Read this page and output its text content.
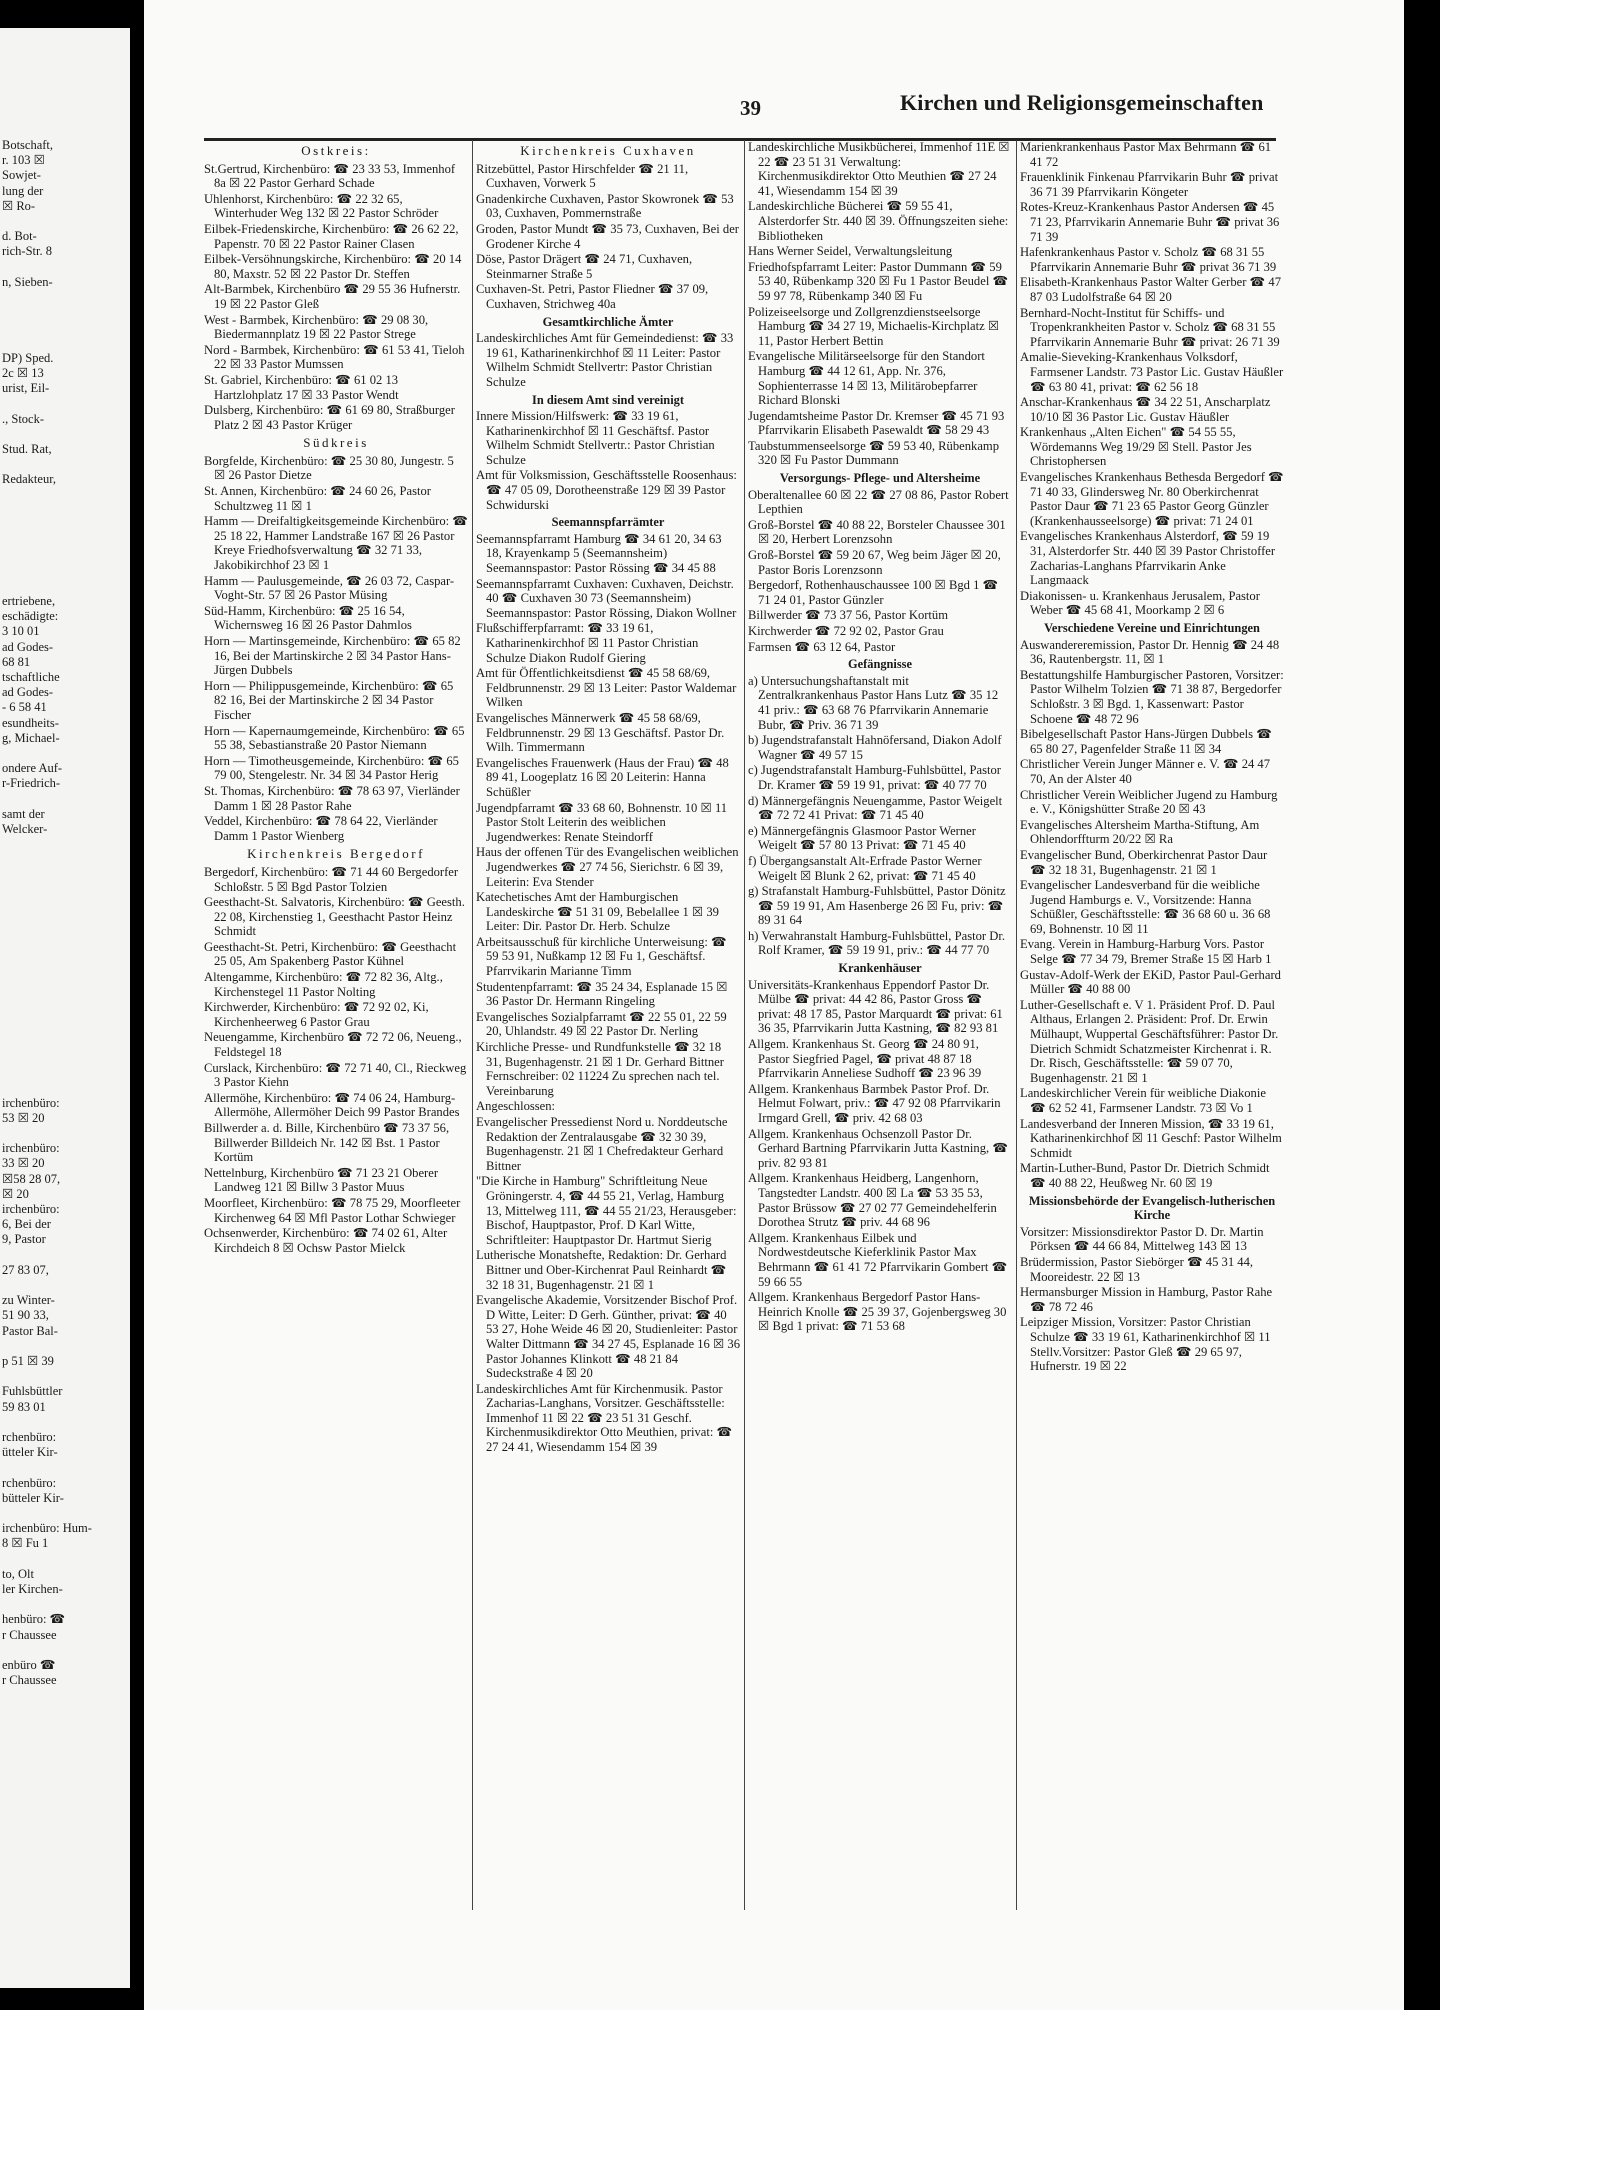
Botschaft,
r. 103 ☒
Sowjet-
lung der
☒ Ro-
d. Bot-
rich-Str. 8
n, Sieben-
DP) Sped.
2c ☒ 13
urist, Eil-
., Stock-
Stud. Rat,
Redakteur,
ertriebene,
eschädigte:
3 10 01
ad Godes-
68 81
tschaftliche
ad Godes-
- 6 58 41
esundheits-
g, Michael-
ondere Auf-
r-Friedrich-
samt der
Welcker-
irchenbüro:
53 ☒ 20
irchenbüro:
33 ☒ 20
☒58 28 07,
☒ 20
irchenbüro:
6, Bei der
9, Pastor
27 83 07,
zu Winter-
51 90 33,
Pastor Bal-
p 51 ☒ 39
Fuhlsbüttler
59 83 01
rchenbüro:
ütteler Kir-
rchenbüro:
bütteler Kir-
irchenbüro: Hum-
8 ☒ Fu 1
to, Olt
ler Kirchen-
henbüro: ☎
r Chaussee
enbüro ☎
r Chaussee
39	Kirchen und Religionsgemeinschaften
Ostkreis:
St.Gertrud, Kirchenbüro: ☎ 23 33 53, Immenhof 8a ☒ 22 Pastor Gerhard Schade
Uhlenhorst, Kirchenbüro: ☎ 22 32 65, Winterhuder Weg 132 ☒ 22 Pastor Schröder
Eilbek-Friedenskirche, Kirchenbüro: ☎ 26 62 22, Papenstr. 70 ☒ 22 Pastor Rainer Clasen
Eilbek-Versöhnungskirche, Kirchenbüro: ☎ 20 14 80, Maxstr. 52 ☒ 22 Pastor Dr. Steffen
Alt-Barmbek, Kirchenbüro ☎ 29 55 36 Hufnerstr. 19 ☒ 22 Pastor Gleß
West - Barmbek, Kirchenbüro: ☎ 29 08 30, Biedermannplatz 19 ☒ 22 Pastor Strege
Nord - Barmbek, Kirchenbüro: ☎ 61 53 41, Tieloh 22 ☒ 33 Pastor Mumssen
St. Gabriel, Kirchenbüro: ☎ 61 02 13 Hartzlohplatz 17 ☒ 33 Pastor Wendt
Dulsberg, Kirchenbüro: ☎ 61 69 80, Straßburger Platz 2 ☒ 43 Pastor Krüger
Südkreis
Borgfelde, Kirchenbüro: ☎ 25 30 80, Jungestr. 5 ☒ 26 Pastor Dietze
St. Annen, Kirchenbüro: ☎ 24 60 26, Pastor Schultzweg 11 ☒ 1
Hamm — Dreifaltigkeitsgemeinde Kirchenbüro: ☎ 25 18 22, Hammer Landstraße 167 ☒ 26 Pastor Kreye Friedhofsverwaltung ☎ 32 71 33, Jakobikirchhof 23 ☒ 1
Hamm — Paulusgemeinde, ☎ 26 03 72, Caspar-Voght-Str. 57 ☒ 26 Pastor Müsing
Süd-Hamm, Kirchenbüro: ☎ 25 16 54, Wichernsweg 16 ☒ 26 Pastor Dahmlos
Horn — Martinsgemeinde, Kirchenbüro: ☎ 65 82 16, Bei der Martinskirche 2 ☒ 34 Pastor Hans-Jürgen Dubbels
Horn — Philippusgemeinde, Kirchenbüro: ☎ 65 82 16, Bei der Martinskirche 2 ☒ 34 Pastor Fischer
Horn — Kapernaumgemeinde, Kirchenbüro: ☎ 65 55 38, Sebastianstraße 20 Pastor Niemann
Horn — Timotheusgemeinde, Kirchenbüro: ☎ 65 79 00, Stengelestr. Nr. 34 ☒ 34 Pastor Herig
St. Thomas, Kirchenbüro: ☎ 78 63 97, Vierländer Damm 1 ☒ 28 Pastor Rahe
Veddel, Kirchenbüro: ☎ 78 64 22, Vierländer Damm 1 Pastor Wienberg
Kirchenkreis Bergedorf
Bergedorf, Kirchenbüro: ☎ 71 44 60 Bergedorfer Schloßstr. 5 ☒ Bgd Pastor Tolzien
Geesthacht-St. Salvatoris, Kirchenbüro: ☎ Geesth. 22 08, Kirchenstieg 1, Geesthacht Pastor Heinz Schmidt
Geesthacht-St. Petri, Kirchenbüro: ☎ Geesthacht 25 05, Am Spakenberg Pastor Kühnel
Altengamme, Kirchenbüro: ☎ 72 82 36, Altg., Kirchenstegel 11 Pastor Nolting
Kirchwerder, Kirchenbüro: ☎ 72 92 02, Ki, Kirchenheerweg 6 Pastor Grau
Neuengamme, Kirchenbüro ☎ 72 72 06, Neueng., Feldstegel 18
Curslack, Kirchenbüro: ☎ 72 71 40, Cl., Rieckweg 3 Pastor Kiehn
Allermöhe, Kirchenbüro: ☎ 74 06 24, Hamburg-Allermöhe, Allermöher Deich 99 Pastor Brandes
Billwerder a. d. Bille, Kirchenbüro ☎ 73 37 56, Billwerder Billdeich Nr. 142 ☒ Bst. 1 Pastor Kortüm
Nettelnburg, Kirchenbüro ☎ 71 23 21 Oberer Landweg 121 ☒ Billw 3 Pastor Muus
Moorfleet, Kirchenbüro: ☎ 78 75 29, Moorfleeter Kirchenweg 64 ☒ Mfl Pastor Lothar Schwieger
Ochsenwerder, Kirchenbüro: ☎ 74 02 61, Alter Kirchdeich 8 ☒ Ochsw Pastor Mielck
Kirchenkreis Cuxhaven
Ritzebüttel, Pastor Hirschfelder ☎ 21 11, Cuxhaven, Vorwerk 5
Gnadenkirche Cuxhaven, Pastor Skowronek ☎ 53 03, Cuxhaven, Pommernstraße
Groden, Pastor Mundt ☎ 35 73, Cuxhaven, Bei der Grodener Kirche 4
Döse, Pastor Drägert ☎ 24 71, Cuxhaven, Steinmarner Straße 5
Cuxhaven-St. Petri, Pastor Fliedner ☎ 37 09, Cuxhaven, Strichweg 40a
Gesamtkirchliche Ämter
Landeskirchliches Amt für Gemeindedienst: ☎ 33 19 61, Katharinenkirchhof ☒ 11 Leiter: Pastor Wilhelm Schmidt Stellvertr: Pastor Christian Schulze
In diesem Amt sind vereinigt
Innere Mission/Hilfswerk: ☎ 33 19 61, Katharinenkirchhof ☒ 11 Geschäftsf. Pastor Wilhelm Schmidt Stellvertr.: Pastor Christian Schulze
Amt für Volksmission, Geschäftsstelle Roosenhaus: ☎ 47 05 09, Dorotheenstraße 129 ☒ 39 Pastor Schwidurski
Seemannspfarrämter
Seemannspfarramt Hamburg ☎ 34 61 20, 34 63 18, Krayenkamp 5 (Seemannsheim) Seemannspastor: Pastor Rössing ☎ 34 45 88
Seemannspfarramt Cuxhaven: Cuxhaven, Deichstr. 40 ☎ Cuxhaven 30 73 (Seemannsheim) Seemannspastor: Pastor Rössing, Diakon Wollner
Flußschifferpfarramt: ☎ 33 19 61, Katharinenkirchhof ☒ 11 Pastor Christian Schulze Diakon Rudolf Giering
Amt für Öffentlichkeitsdienst ☎ 45 58 68/69, Feldbrunnenstr. 29 ☒ 13 Leiter: Pastor Waldemar Wilken
Evangelisches Männerwerk ☎ 45 58 68/69, Feldbrunnenstr. 29 ☒ 13 Geschäftsf. Pastor Dr. Wilh. Timmermann
Evangelisches Frauenwerk (Haus der Frau) ☎ 48 89 41, Loogeplatz 16 ☒ 20 Leiterin: Hanna Schüßler
Jugendpfarramt ☎ 33 68 60, Bohnenstr. 10 ☒ 11 Pastor Stolt Leiterin des weiblichen Jugendwerkes: Renate Steindorff
Haus der offenen Tür des Evangelischen weiblichen Jugendwerkes ☎ 27 74 56, Sierichstr. 6 ☒ 39, Leiterin: Eva Stender
Katechetisches Amt der Hamburgischen Landeskirche ☎ 51 31 09, Bebelallee 1 ☒ 39 Leiter: Dir. Pastor Dr. Herb. Schulze
Arbeitsausschuß für kirchliche Unterweisung: ☎ 59 53 91, Nußkamp 12 ☒ Fu 1, Geschäftsf. Pfarrvikarin Marianne Timm
Studentenpfarramt: ☎ 35 24 34, Esplanade 15 ☒ 36 Pastor Dr. Hermann Ringeling
Evangelisches Sozialpfarramt ☎ 22 55 01, 22 59 20, Uhlandstr. 49 ☒ 22 Pastor Dr. Nerling
Kirchliche Presse- und Rundfunkstelle ☎ 32 18 31, Bugenhagenstr. 21 ☒ 1 Dr. Gerhard Bittner Fernschreiber: 02 11224 Zu sprechen nach tel. Vereinbarung
Angeschlossen:
Evangelischer Pressedienst Nord u. Norddeutsche Redaktion der Zentralausgabe ☎ 32 30 39, Bugenhagenstr. 21 ☒ 1 Chefredakteur Gerhard Bittner
"Die Kirche in Hamburg" Schriftleitung Neue Gröningerstr. 4, ☎ 44 55 21, Verlag, Hamburg 13, Mittelweg 111, ☎ 44 55 21/23, Herausgeber: Bischof, Hauptpastor, Prof. D Karl Witte, Schriftleiter: Hauptpastor Dr. Hartmut Sierig
Lutherische Monatshefte, Redaktion: Dr. Gerhard Bittner und Ober-Kirchenrat Paul Reinhardt ☎ 32 18 31, Bugenhagenstr. 21 ☒ 1
Evangelische Akademie, Vorsitzender Bischof Prof. D Witte, Leiter: D Gerh. Günther, privat: ☎ 40 53 27, Hohe Weide 46 ☒ 20, Studienleiter: Pastor Walter Dittmann ☎ 34 27 45, Esplanade 16 ☒ 36 Pastor Johannes Klinkott ☎ 48 21 84 Sudeckstraße 4 ☒ 20
Landeskirchliches Amt für Kirchenmusik. Pastor Zacharias-Langhans, Vorsitzer. Geschäftsstelle: Immenhof 11 ☒ 22 ☎ 23 51 31 Geschf. Kirchenmusikdirektor Otto Meuthien, privat: ☎ 27 24 41, Wiesendamm 154 ☒ 39
Landeskirchliche Musikbücherei, Immenhof 11E ☒ 22 ☎ 23 51 31 Verwaltung: Kirchenmusikdirektor Otto Meuthien ☎ 27 24 41, Wiesendamm 154 ☒ 39
Landeskirchliche Bücherei ☎ 59 55 41, Alsterdorfer Str. 440 ☒ 39. Öffnungszeiten siehe: Bibliotheken
Hans Werner Seidel, Verwaltungsleitung
Friedhofspfarramt Leiter: Pastor Dummann ☎ 59 53 40, Rübenkamp 320 ☒ Fu 1 Pastor Beudel ☎ 59 97 78, Rübenkamp 340 ☒ Fu
Polizeiseelsorge und Zollgrenzdienstseelsorge Hamburg ☎ 34 27 19, Michaelis-Kirchplatz ☒ 11, Pastor Herbert Bettin
Evangelische Militärseelsorge für den Standort Hamburg ☎ 44 12 61, App. Nr. 376, Sophienterrasse 14 ☒ 13, Militärobepfarrer Richard Blonski
Jugendamtsheime Pastor Dr. Kremser ☎ 45 71 93 Pfarrvikarin Elisabeth Pasewaldt ☎ 58 29 43
Taubstummenseelsorge ☎ 59 53 40, Rübenkamp 320 ☒ Fu Pastor Dummann
Versorgungs- Pflege- und Altersheime
Oberaltenallee 60 ☒ 22 ☎ 27 08 86, Pastor Robert Lepthien
Groß-Borstel ☎ 40 88 22, Borsteler Chaussee 301 ☒ 20, Herbert Lorenzsohn
Groß-Borstel ☎ 59 20 67, Weg beim Jäger ☒ 20, Pastor Boris Lorenzsonn
Bergedorf, Rothenhauschaussee 100 ☒ Bgd 1 ☎ 71 24 01, Pastor Günzler
Billwerder ☎ 73 37 56, Pastor Kortüm
Kirchwerder ☎ 72 92 02, Pastor Grau
Farmsen ☎ 63 12 64, Pastor
Gefängnisse
a) Untersuchungshaftanstalt mit Zentralkrankenhaus Pastor Hans Lutz ☎ 35 12 41 priv.: ☎ 63 68 76 Pfarrvikarin Annemarie Bubr, ☎ Priv. 36 71 39
b) Jugendstrafanstalt Hahnöfersand, Diakon Adolf Wagner ☎ 49 57 15
c) Jugendstrafanstalt Hamburg-Fuhlsbüttel, Pastor Dr. Kramer ☎ 59 19 91, privat: ☎ 40 77 70
d) Männergefängnis Neuengamme, Pastor Weigelt ☎ 72 72 41 Privat: ☎ 71 45 40
e) Männergefängnis Glasmoor Pastor Werner Weigelt ☎ 57 80 13 Privat: ☎ 71 45 40
f) Übergangsanstalt Alt-Erfrade Pastor Werner Weigelt ☒ Blunk 2 62, privat: ☎ 71 45 40
g) Strafanstalt Hamburg-Fuhlsbüttel, Pastor Dönitz ☎ 59 19 91, Am Hasenberge 26 ☒ Fu, priv: ☎ 89 31 64
h) Verwahranstalt Hamburg-Fuhlsbüttel, Pastor Dr. Rolf Kramer, ☎ 59 19 91, priv.: ☎ 44 77 70
Krankenhäuser
Universitäts-Krankenhaus Eppendorf Pastor Dr. Mülbe ☎ privat: 44 42 86, Pastor Gross ☎ privat: 48 17 85, Pastor Marquardt ☎ privat: 61 36 35, Pfarrvikarin Jutta Kastning, ☎ 82 93 81
Allgem. Krankenhaus St. Georg ☎ 24 80 91, Pastor Siegfried Pagel, ☎ privat 48 87 18 Pfarrvikarin Anneliese Sudhoff ☎ 23 96 39
Allgem. Krankenhaus Barmbek Pastor Prof. Dr. Helmut Folwart, priv.: ☎ 47 92 08 Pfarrvikarin Irmgard Grell, ☎ priv. 42 68 03
Allgem. Krankenhaus Ochsenzoll Pastor Dr. Gerhard Bartning Pfarrvikarin Jutta Kastning, ☎ priv. 82 93 81
Allgem. Krankenhaus Heidberg, Langenhorn, Tangstedter Landstr. 400 ☒ La ☎ 53 35 53, Pastor Brüssow ☎ 27 02 77 Gemeindehelferin Dorothea Strutz ☎ priv. 44 68 96
Allgem. Krankenhaus Eilbek und Nordwestdeutsche Kieferklinik Pastor Max Behrmann ☎ 61 41 72 Pfarrvikarin Gombert ☎ 59 66 55
Allgem. Krankenhaus Bergedorf Pastor Hans-Heinrich Knolle ☎ 25 39 37, Gojenbergsweg 30 ☒ Bgd 1 privat: ☎ 71 53 68
Marienkrankenhaus Pastor Max Behrmann ☎ 61 41 72
Frauenklinik Finkenau Pfarrvikarin Buhr ☎ privat 36 71 39 Pfarrvikarin Köngeter
Rotes-Kreuz-Krankenhaus Pastor Andersen ☎ 45 71 23, Pfarrvikarin Annemarie Buhr ☎ privat 36 71 39
Hafenkrankenhaus Pastor v. Scholz ☎ 68 31 55 Pfarrvikarin Annemarie Buhr ☎ privat 36 71 39
Elisabeth-Krankenhaus Pastor Walter Gerber ☎ 47 87 03 Ludolfstraße 64 ☒ 20
Bernhard-Nocht-Institut für Schiffs- und Tropenkrankheiten Pastor v. Scholz ☎ 68 31 55 Pfarrvikarin Annemarie Buhr ☎ privat: 26 71 39
Amalie-Sieveking-Krankenhaus Volksdorf, Farmsener Landstr. 73 Pastor Lic. Gustav Häußler ☎ 63 80 41, privat: ☎ 62 56 18
Anschar-Krankenhaus ☎ 34 22 51, Anscharplatz 10/10 ☒ 36 Pastor Lic. Gustav Häußler
Krankenhaus „Alten Eichen" ☎ 54 55 55, Wördemanns Weg 19/29 ☒ Stell. Pastor Jes Christophersen
Evangelisches Krankenhaus Bethesda Bergedorf ☎ 71 40 33, Glindersweg Nr. 80 Oberkirchenrat Pastor Daur ☎ 71 23 65 Pastor Georg Günzler (Krankenhausseelsorge) ☎ privat: 71 24 01
Evangelisches Krankenhaus Alsterdorf, ☎ 59 19 31, Alsterdorfer Str. 440 ☒ 39 Pastor Christoffer Zacharias-Langhans Pfarrvikarin Anke Langmaack
Diakonissen- u. Krankenhaus Jerusalem, Pastor Weber ☎ 45 68 41, Moorkamp 2 ☒ 6
Verschiedene Vereine und Einrichtungen
Auswandereremission, Pastor Dr. Hennig ☎ 24 48 36, Rautenbergstr. 11, ☒ 1
Bestattungshilfe Hamburgischer Pastoren, Vorsitzer: Pastor Wilhelm Tolzien ☎ 71 38 87, Bergedorfer Schloßstr. 3 ☒ Bgd. 1, Kassenwart: Pastor Schoene ☎ 48 72 96
Bibelgesellschaft Pastor Hans-Jürgen Dubbels ☎ 65 80 27, Pagenfelder Straße 11 ☒ 34
Christlicher Verein Junger Männer e. V. ☎ 24 47 70, An der Alster 40
Christlicher Verein Weiblicher Jugend zu Hamburg e. V., Königshütter Straße 20 ☒ 43
Evangelisches Altersheim Martha-Stiftung, Am Ohlendorffturm 20/22 ☒ Ra
Evangelischer Bund, Oberkirchenrat Pastor Daur ☎ 32 18 31, Bugenhagenstr. 21 ☒ 1
Evangelischer Landesverband für die weibliche Jugend Hamburgs e. V., Vorsitzende: Hanna Schüßler, Geschäftsstelle: ☎ 36 68 60 u. 36 68 69, Bohnenstr. 10 ☒ 11
Evang. Verein in Hamburg-Harburg Vors. Pastor Selge ☎ 77 34 79, Bremer Straße 15 ☒ Harb 1
Gustav-Adolf-Werk der EKiD, Pastor Paul-Gerhard Müller ☎ 40 88 00
Luther-Gesellschaft e. V 1. Präsident Prof. D. Paul Althaus, Erlangen 2. Präsident: Prof. Dr. Erwin Mülhaupt, Wuppertal Geschäftsführer: Pastor Dr. Dietrich Schmidt Schatzmeister Kirchenrat i. R. Dr. Risch, Geschäftsstelle: ☎ 59 07 70, Bugenhagenstr. 21 ☒ 1
Landeskirchlicher Verein für weibliche Diakonie ☎ 62 52 41, Farmsener Landstr. 73 ☒ Vo 1
Landesverband der Inneren Mission, ☎ 33 19 61, Katharinenkirchhof ☒ 11 Geschf: Pastor Wilhelm Schmidt
Martin-Luther-Bund, Pastor Dr. Dietrich Schmidt ☎ 40 88 22, Heußweg Nr. 60 ☒ 19
Missionsbehörde der Evangelisch-lutherischen Kirche
Vorsitzer: Missionsdirektor Pastor D. Dr. Martin Pörksen ☎ 44 66 84, Mittelweg 143 ☒ 13
Brüdermission, Pastor Siebörger ☎ 45 31 44, Mooreidestr. 22 ☒ 13
Hermansburger Mission in Hamburg, Pastor Rahe ☎ 78 72 46
Leipziger Mission, Vorsitzer: Pastor Christian Schulze ☎ 33 19 61, Katharinenkirchhof ☒ 11 Stellv.Vorsitzer: Pastor Gleß ☎ 29 65 97, Hufnerstr. 19 ☒ 22
